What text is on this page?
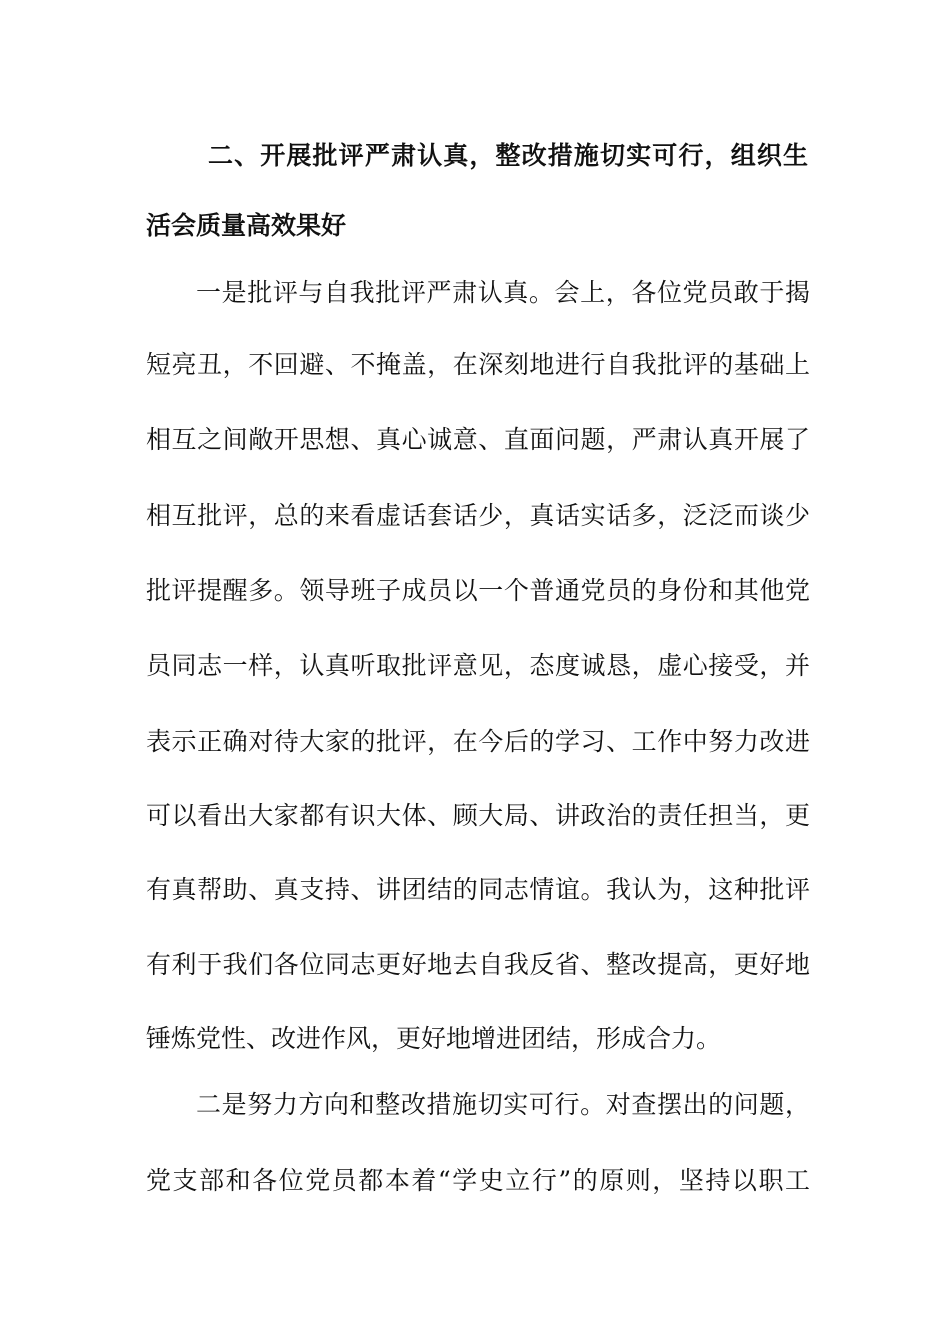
二、开展批评严肃认真，整改措施切实可行，组织生
活会质量高效果好
一是批评与自我批评严肃认真。会上，各位党员敢于揭
短亮丑，不回避、不掩盖，在深刻地进行自我批评的基础上
相互之间敞开思想、真心诚意、直面问题，严肃认真开展了
相互批评，总的来看虚话套话少，真话实话多，泛泛而谈少
批评提醒多。领导班子成员以一个普通党员的身份和其他党
员同志一样，认真听取批评意见，态度诚恳，虚心接受，并
表示正确对待大家的批评，在今后的学习、工作中努力改进
可以看出大家都有识大体、顾大局、讲政治的责任担当，更
有真帮助、真支持、讲团结的同志情谊。我认为，这种批评
有利于我们各位同志更好地去自我反省、整改提高，更好地
锤炼党性、改进作风，更好地增进团结，形成合力。
二是努力方向和整改措施切实可行。对查摆出的问题，
党支部和各位党员都本着“学史立行”的原则，坚持以职工
